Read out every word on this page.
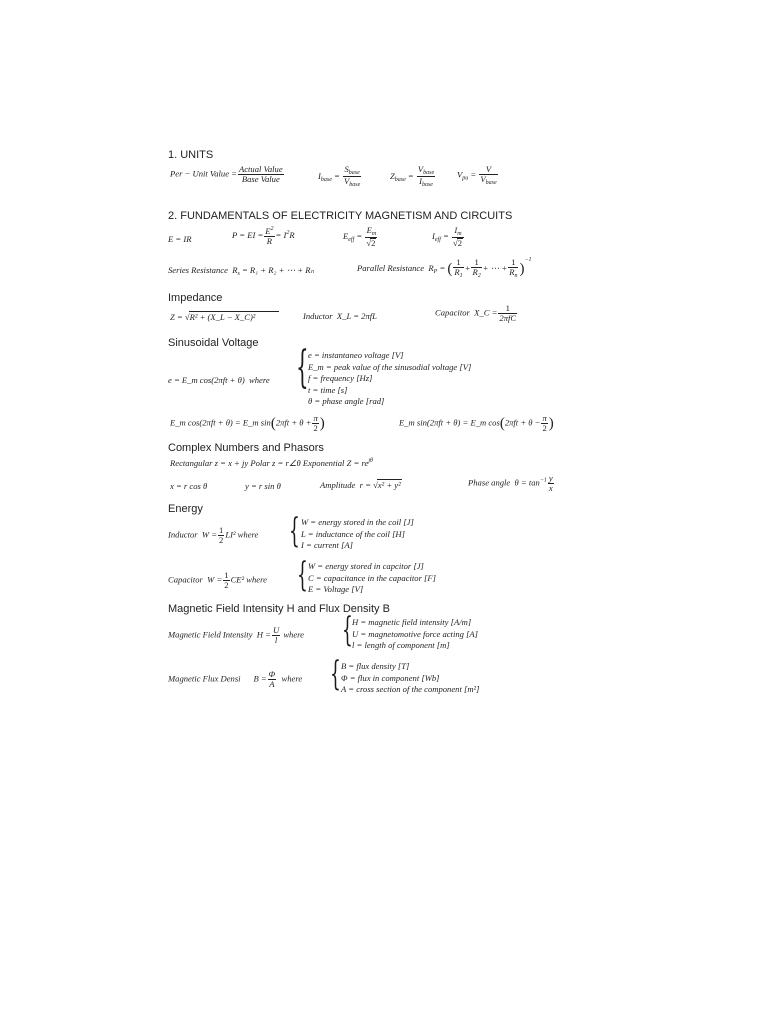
1. UNITS
Per − Unit Value = $\frac{\text{Actual Value}}{\text{Base Value}}$	$I_{base} = \frac{S_{base}}{V_{base}}$	$Z_{base} = \frac{V_{base}}{I_{base}}$	$V_{pu} = \frac{V}{V_{base}}$
2. FUNDAMENTALS OF ELECTRICITY MAGNETISM AND CIRCUITS
E = IR	P = EI = $\frac{E^2}{R} = I^2R$	$E_{eff} = \frac{E_m}{√2}$	$I_{eff} = \frac{I_m}{√2}$
Series Resistance $R_s = R_1 + R_2$ + ⋯ + Rₙ	Parallel Resistance $R_P$ = ( $\frac{1}{R_1} + \frac{1}{R_2}$ + ⋯ + $\frac{1}{R_n} )^{-1}$
Impedance
Z = √R² + (X_L − X_C)²	Inductor X_L = 2πfL	Capacitor X_C = $\frac{1}{\text{2πfC}}$
Sinusoidal Voltage
e = E_m cos(2πft + θ) where { e = instantaneo voltage [V]
E_m = peak value of the sinusodial voltage [V]
f = frequency [Hz]
t = time [s]
θ = phase angle [rad]
E_m cos(2πft + θ) = E_m $\sin(2\pi ft + \theta + \frac{\pi}{2}$ )	E_m sin(2πft + θ) = E_m $\cos(2\pi ft + \theta - \frac{\pi}{2}$ )
Complex Numbers and Phasors
Rectangular z = x + jy Polar z = r∠θ Exponential $Z = re^{j\theta}$
x = r cos θ	y = r sin θ	Amplitude r = √x² + y²	Phase angle $\theta = \tan^{-1} \frac{y}{x}$
Energy
Inductor $W = \frac{1}{2} LI^2$ where { W = energy stored in the coil [J]
L = inductance of the coil [H]
I = current [A]
Capacitor $W = \frac{1}{2} CE^2$ where { W = energy stored in capcitor [J]
C = capacitance in the capacitor [F]
E = Voltage [V]
Magnetic Field Intensity H and Flux Density B
Magnetic Field Intensity $H = \frac{U}{l}$ where { H = magnetic field intensity [A/m]
U = magnetomotive force acting [A]
l = length of component [m]
Magnetic Flux Densi $B = \frac{\Phi}{A}$ where { B = flux density [T]
Φ = flux in component [Wb]
A = cross section of the component [m²]
